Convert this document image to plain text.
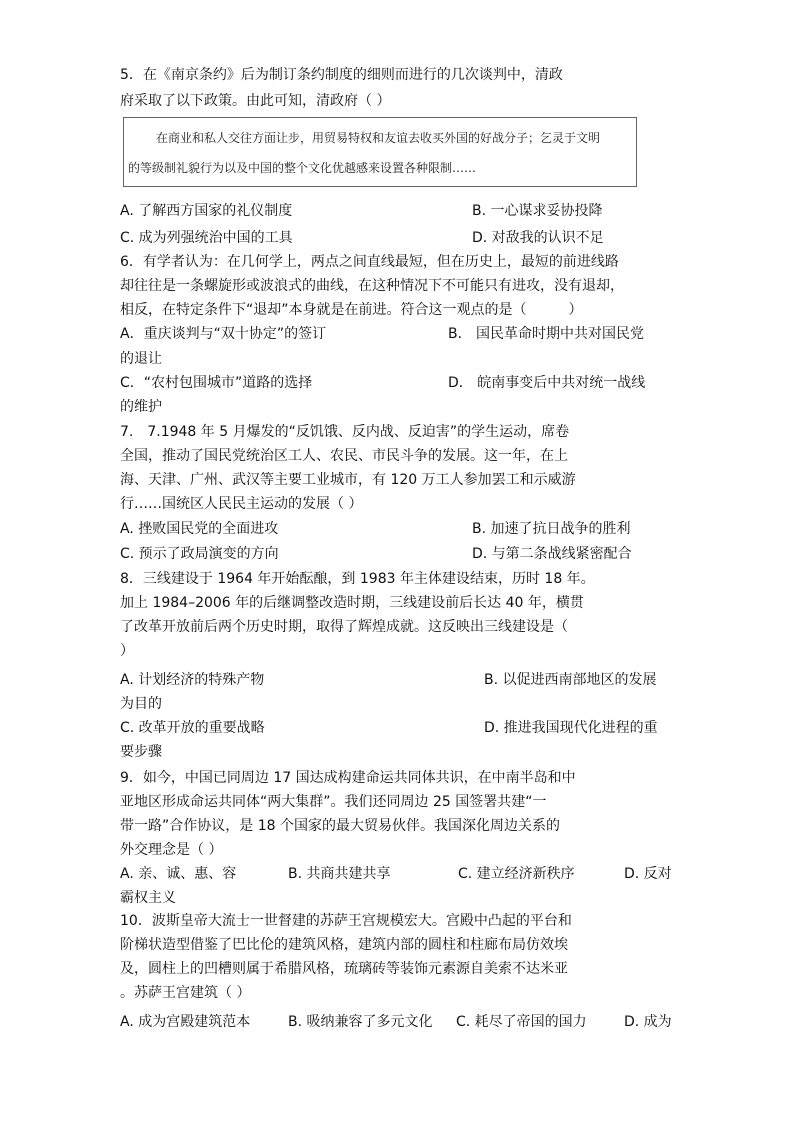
5．在《南京条约》后为制订条约制度的细则而进行的几次谈判中，清政
府采取了以下政策。由此可知，清政府（ ）
在商业和私人交往方面让步，用贸易特权和友谊去收买外国的好战分子；乞灵于文明
的等级制礼貌行为以及中国的整个文化优越感来设置各种限制……
A. 了解西方国家的礼仪制度	B. 一心谋求妥协投降
C. 成为列强统治中国的工具	D. 对敌我的认识不足
6．有学者认为：在几何学上，两点之间直线最短，但在历史上，最短的前进线路
却往往是一条螺旋形或波浪式的曲线，在这种情况下不可能只有进攻，没有退却，
相反，在特定条件下“退却”本身就是在前进。符合这一观点的是（　　　）
A．重庆谈判与“双十协定”的签订	B． 国民革命时期中共对国民党
的退让
C．“农村包围城市”道路的选择	D． 皖南事变后中共对统一战线
的维护
7.　7.1948 年 5 月爆发的“反饥饿、反内战、反迫害”的学生运动，席卷
全国，推动了国民党统治区工人、农民、市民斗争的发展。这一年，在上
海、天津、广州、武汉等主要工业城市，有 120 万工人参加罢工和示威游
行……国统区人民民主运动的发展（ ）
A. 挫败国民党的全面进攻	B. 加速了抗日战争的胜利
C. 预示了政局演变的方向	D. 与第二条战线紧密配合
8．三线建设于 1964 年开始酝酿，到 1983 年主体建设结束，历时 18 年。
加上 1984–2006 年的后继调整改造时期，三线建设前后长达 40 年，横贯
了改革开放前后两个历史时期，取得了辉煌成就。这反映出三线建设是（
）
A. 计划经济的特殊产物	B. 以促进西南部地区的发展
为目的
C. 改革开放的重要战略	D. 推进我国现代化进程的重
要步骤
9．如今，中国已同周边 17 国达成构建命运共同体共识，在中南半岛和中
亚地区形成命运共同体“两大集群”。我们还同周边 25 国签署共建“一
带一路”合作协议，是 18 个国家的最大贸易伙伴。我国深化周边关系的
外交理念是（ ）
A. 亲、诚、惠、容	B. 共商共建共享	C. 建立经济新秩序	D. 反对
霸权主义
10．波斯皇帝大流士一世督建的苏萨王宫规模宏大。宫殿中凸起的平台和
阶梯状造型借鉴了巴比伦的建筑风格，建筑内部的圆柱和柱廊布局仿效埃
及，圆柱上的凹槽则属于希腊风格，琉璃砖等装饰元素源自美索不达米亚
。苏萨王宫建筑（ ）
A. 成为宫殿建筑范本	B. 吸纳兼容了多元文化 C. 耗尽了帝国的国力	D. 成为
